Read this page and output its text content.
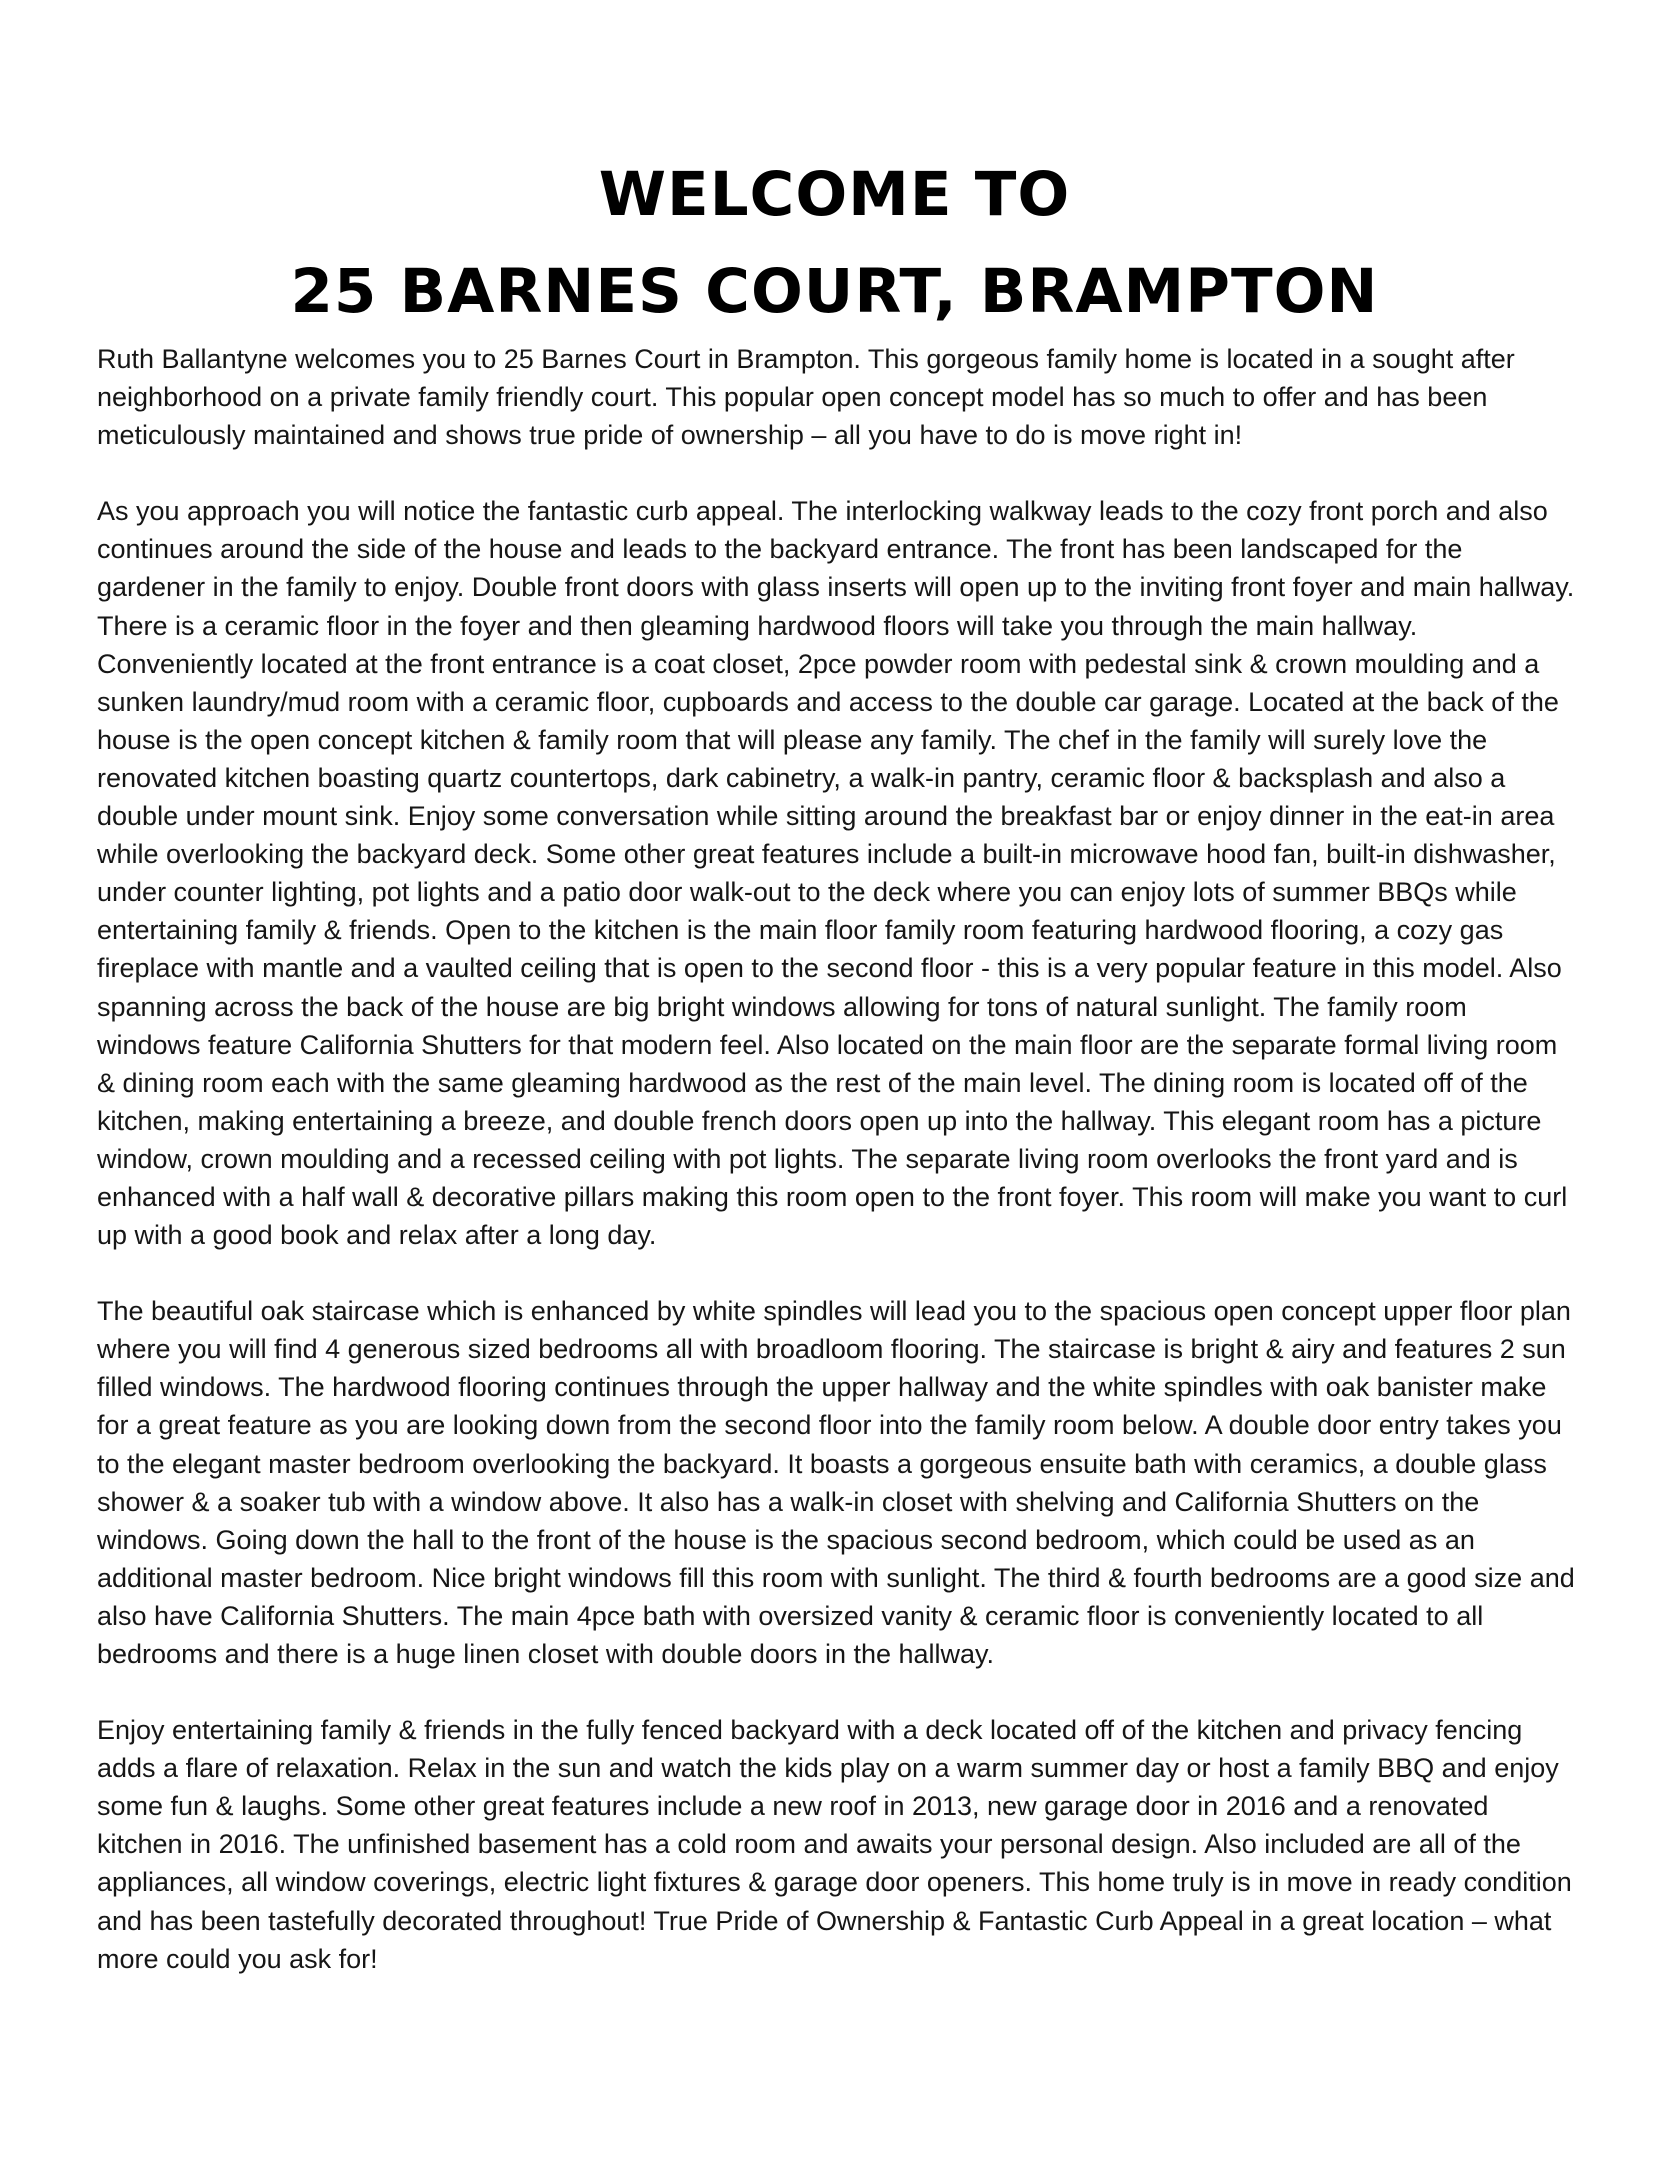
WELCOME TO
25 BARNES COURT, BRAMPTON

Ruth Ballantyne welcomes you to 25 Barnes Court in Brampton. This gorgeous family home is located in a sought after neighborhood on a private family friendly court. This popular open concept model has so much to offer and has been meticulously maintained and shows true pride of ownership – all you have to do is move right in!

As you approach you will notice the fantastic curb appeal. The interlocking walkway leads to the cozy front porch and also continues around the side of the house and leads to the backyard entrance. The front has been landscaped for the gardener in the family to enjoy. Double front doors with glass inserts will open up to the inviting front foyer and main hallway. There is a ceramic floor in the foyer and then gleaming hardwood floors will take you through the main hallway. Conveniently located at the front entrance is a coat closet, 2pce powder room with pedestal sink & crown moulding and a sunken laundry/mud room with a ceramic floor, cupboards and access to the double car garage. Located at the back of the house is the open concept kitchen & family room that will please any family. The chef in the family will surely love the renovated kitchen boasting quartz countertops, dark cabinetry, a walk-in pantry, ceramic floor & backsplash and also a double under mount sink. Enjoy some conversation while sitting around the breakfast bar or enjoy dinner in the eat-in area while overlooking the backyard deck. Some other great features include a built-in microwave hood fan, built-in dishwasher, under counter lighting, pot lights and a patio door walk-out to the deck where you can enjoy lots of summer BBQs while entertaining family & friends. Open to the kitchen is the main floor family room featuring hardwood flooring, a cozy gas fireplace with mantle and a vaulted ceiling that is open to the second floor - this is a very popular feature in this model. Also spanning across the back of the house are big bright windows allowing for tons of natural sunlight. The family room windows feature California Shutters for that modern feel. Also located on the main floor are the separate formal living room & dining room each with the same gleaming hardwood as the rest of the main level. The dining room is located off of the kitchen, making entertaining a breeze, and double french doors open up into the hallway. This elegant room has a picture window, crown moulding and a recessed ceiling with pot lights. The separate living room overlooks the front yard and is enhanced with a half wall & decorative pillars making this room open to the front foyer. This room will make you want to curl up with a good book and relax after a long day.

The beautiful oak staircase which is enhanced by white spindles will lead you to the spacious open concept upper floor plan where you will find 4 generous sized bedrooms all with broadloom flooring. The staircase is bright & airy and features 2 sun filled windows. The hardwood flooring continues through the upper hallway and the white spindles with oak banister make for a great feature as you are looking down from the second floor into the family room below. A double door entry takes you to the elegant master bedroom overlooking the backyard. It boasts a gorgeous ensuite bath with ceramics, a double glass shower & a soaker tub with a window above. It also has a walk-in closet with shelving and California Shutters on the windows. Going down the hall to the front of the house is the spacious second bedroom, which could be used as an additional master bedroom. Nice bright windows fill this room with sunlight. The third & fourth bedrooms are a good size and also have California Shutters. The main 4pce bath with oversized vanity & ceramic floor is conveniently located to all bedrooms and there is a huge linen closet with double doors in the hallway.

Enjoy entertaining family & friends in the fully fenced backyard with a deck located off of the kitchen and privacy fencing adds a flare of relaxation. Relax in the sun and watch the kids play on a warm summer day or host a family BBQ and enjoy some fun & laughs. Some other great features include a new roof in 2013, new garage door in 2016 and a renovated kitchen in 2016. The unfinished basement has a cold room and awaits your personal design. Also included are all of the appliances, all window coverings, electric light fixtures & garage door openers. This home truly is in move in ready condition and has been tastefully decorated throughout! True Pride of Ownership & Fantastic Curb Appeal in a great location – what more could you ask for!
